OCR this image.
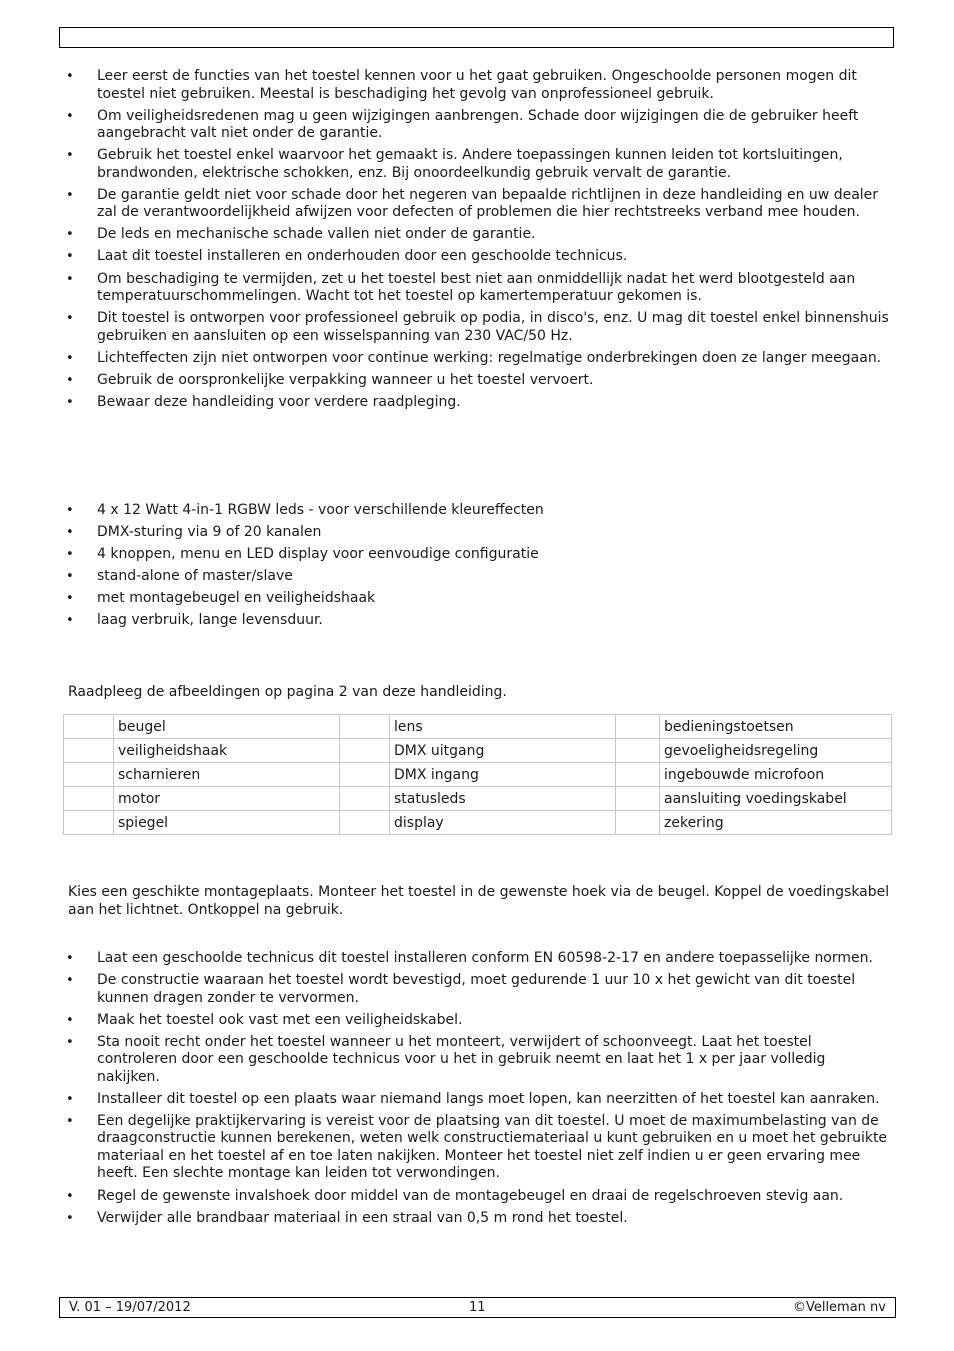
• Leer eerst de functies van het toestel kennen voor u het gaat gebruiken. Ongeschoolde personen mogen dit toestel niet gebruiken. Meestal is beschadiging het gevolg van onprofessioneel gebruik.
• Om veiligheidsredenen mag u geen wijzigingen aanbrengen. Schade door wijzigingen die de gebruiker heeft aangebracht valt niet onder de garantie.
• Gebruik het toestel enkel waarvoor het gemaakt is. Andere toepassingen kunnen leiden tot kortsluitingen, brandwonden, elektrische schokken, enz. Bij onoordeelkundig gebruik vervalt de garantie.
• De garantie geldt niet voor schade door het negeren van bepaalde richtlijnen in deze handleiding en uw dealer zal de verantwoordelijkheid afwijzen voor defecten of problemen die hier rechtstreeks verband mee houden.
• De leds en mechanische schade vallen niet onder de garantie.
• Laat dit toestel installeren en onderhouden door een geschoolde technicus.
• Om beschadiging te vermijden, zet u het toestel best niet aan onmiddellijk nadat het werd blootgesteld aan temperatuurschommelingen. Wacht tot het toestel op kamertemperatuur gekomen is.
• Dit toestel is ontworpen voor professioneel gebruik op podia, in disco's, enz. U mag dit toestel enkel binnenshuis gebruiken en aansluiten op een wisselspanning van 230 VAC/50 Hz.
• Lichteffecten zijn niet ontworpen voor continue werking: regelmatige onderbrekingen doen ze langer meegaan.
• Gebruik de oorspronkelijke verpakking wanneer u het toestel vervoert.
• Bewaar deze handleiding voor verdere raadpleging.
• 4 x 12 Watt 4-in-1 RGBW leds - voor verschillende kleureffecten
• DMX-sturing via 9 of 20 kanalen
• 4 knoppen, menu en LED display voor eenvoudige configuratie
• stand-alone of master/slave
• met montagebeugel en veiligheidshaak
• laag verbruik, lange levensduur.

Raadpleeg de afbeeldingen op pagina 2 van deze handleiding.

	beugel		lens		bedieningstoetsen
	veiligheidshaak		DMX uitgang		gevoeligheidsregeling
	scharnieren		DMX ingang		ingebouwde microfoon
	motor		statusleds		aansluiting voedingskabel
	spiegel		display		zekering

Kies een geschikte montageplaats. Monteer het toestel in de gewenste hoek via de beugel. Koppel de voedingskabel aan het lichtnet. Ontkoppel na gebruik.

• Laat een geschoolde technicus dit toestel installeren conform EN 60598-2-17 en andere toepasselijke normen.
• De constructie waaraan het toestel wordt bevestigd, moet gedurende 1 uur 10 x het gewicht van dit toestel kunnen dragen zonder te vervormen.
• Maak het toestel ook vast met een veiligheidskabel.
• Sta nooit recht onder het toestel wanneer u het monteert, verwijdert of schoonveegt. Laat het toestel controleren door een geschoolde technicus voor u het in gebruik neemt en laat het 1 x per jaar volledig nakijken.
• Installeer dit toestel op een plaats waar niemand langs moet lopen, kan neerzitten of het toestel kan aanraken.
• Een degelijke praktijkervaring is vereist voor de plaatsing van dit toestel. U moet de maximumbelasting van de draagconstructie kunnen berekenen, weten welk constructiemateriaal u kunt gebruiken en u moet het gebruikte materiaal en het toestel af en toe laten nakijken. Monteer het toestel niet zelf indien u er geen ervaring mee heeft. Een slechte montage kan leiden tot verwondingen.
• Regel de gewenste invalshoek door middel van de montagebeugel en draai de regelschroeven stevig aan.
• Verwijder alle brandbaar materiaal in een straal van 0,5 m rond het toestel.
V. 01 – 19/07/2012	11	©Velleman nv
